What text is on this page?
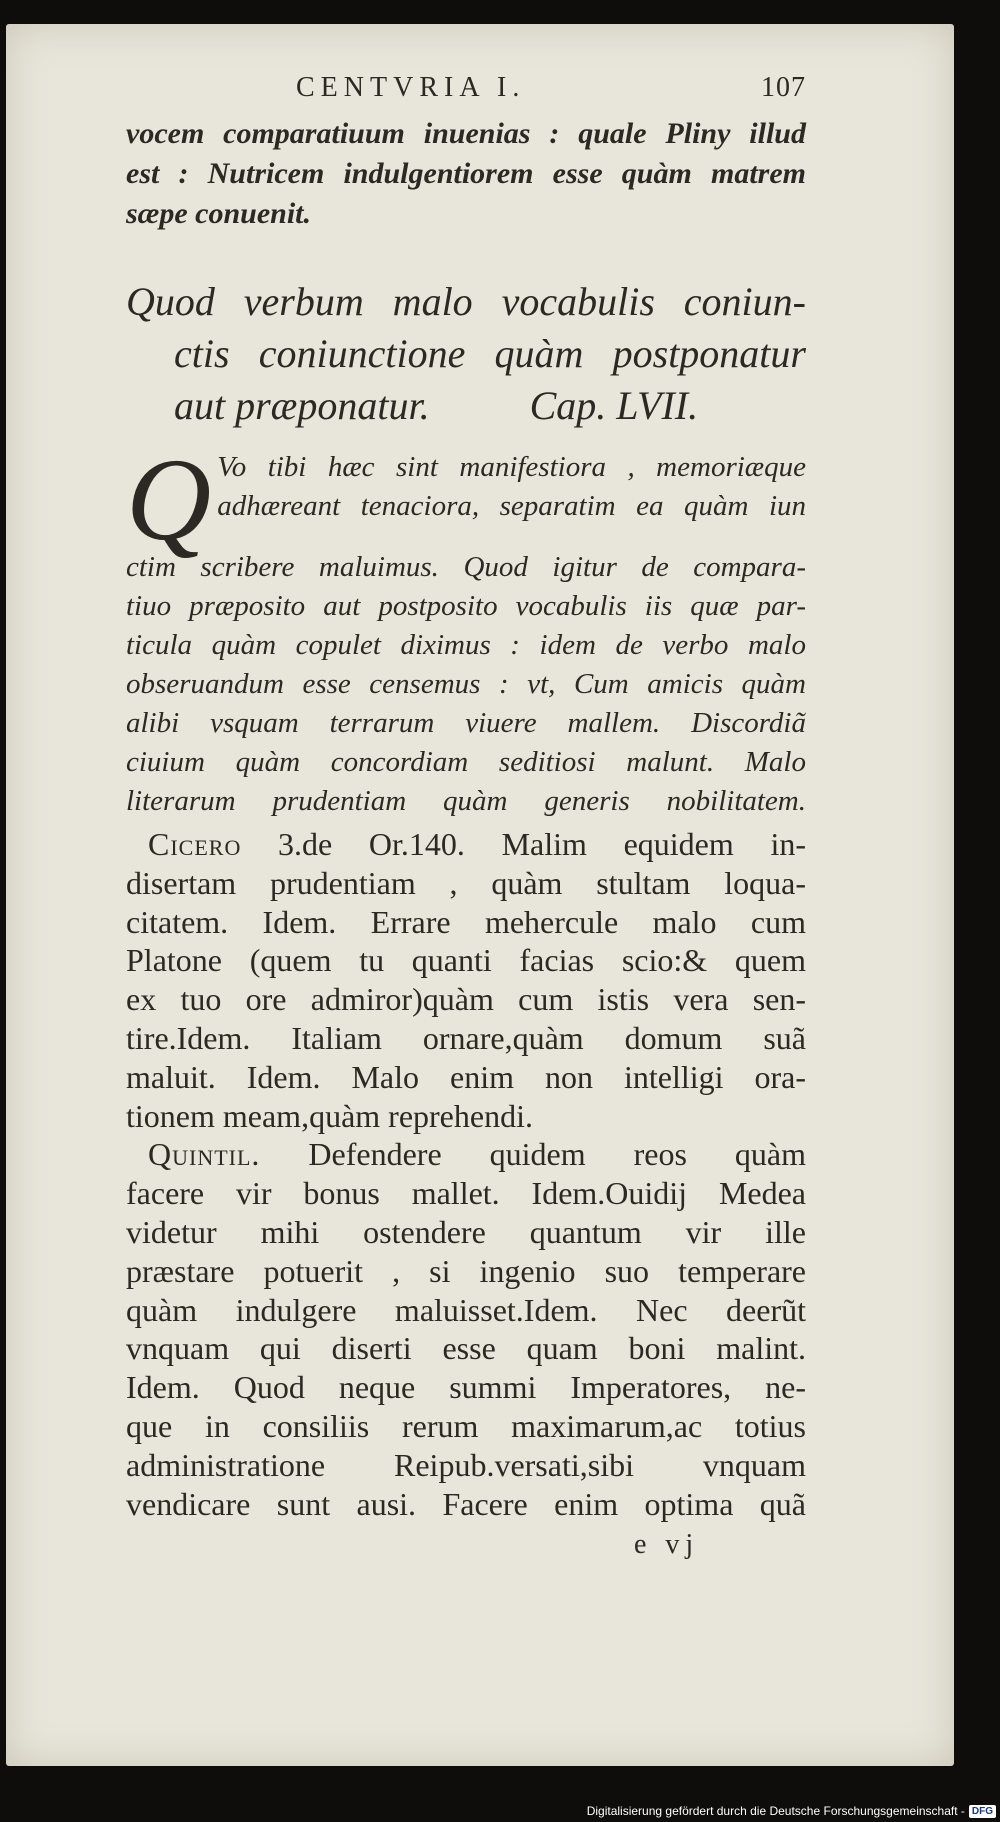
CENTVRIA I.	107
vocem comparatiuum inuenias : quale Pliny illud
est : Nutricem indulgentiorem esse quàm matrem
sæpe conuenit.
Quod verbum malo vocabulis coniun-
ctis coniunctione quàm postponatur
aut præponatur.	Cap. LVII.
Q Vo tibi hæc sint manifestiora , memoriæque
adhæreant tenaciora, separatim ea quàm iun
ctim scribere maluimus. Quod igitur de compara-
tiuo præposito aut postposito vocabulis iis quæ par-
ticula quàm copulet diximus : idem de verbo malo
obseruandum esse censemus : vt, Cum amicis quàm
alibi vsquam terrarum viuere mallem. Discordiã
ciuium quàm concordiam seditiosi malunt. Malo
literarum prudentiam quàm generis nobilitatem.
Cicero 3.de Or.140. Malim equidem in-
disertam prudentiam , quàm stultam loqua-
citatem. Idem. Errare mehercule malo cum
Platone (quem tu quanti facias scio:& quem
ex tuo ore admiror)quàm cum istis vera sen-
tire.Idem. Italiam ornare,quàm domum suã
maluit. Idem. Malo enim non intelligi ora-
tionem meam,quàm reprehendi.
Quintil. Defendere quidem reos quàm
facere vir bonus mallet. Idem.Ouidij Medea
videtur mihi ostendere quantum vir ille
præstare potuerit , si ingenio suo temperare
quàm indulgere maluisset.Idem. Nec deerũt
vnquam qui diserti esse quam boni malint.
Idem. Quod neque summi Imperatores, ne-
que in consiliis rerum maximarum,ac totius
administratione Reipub.versati,sibi vnquam
vendicare sunt ausi. Facere enim optima quã
e vj
Digitalisierung gefördert durch die Deutsche Forschungsgemeinschaft - DFG
